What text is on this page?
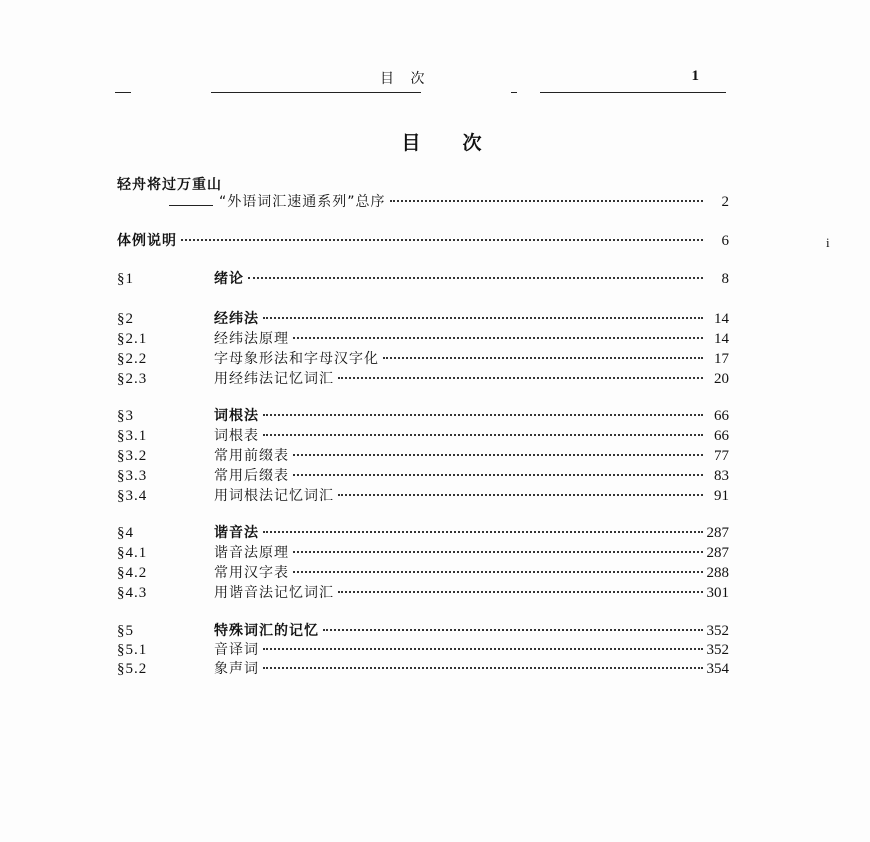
目 次	1
目次
轻舟将过万重山
“外语词汇速通系列”总序	2
体例说明	6
§1	绪论	8
§2	经纬法	14
§2.1	经纬法原理	14
§2.2	字母象形法和字母汉字化	17
§2.3	用经纬法记忆词汇	20
§3	词根法	66
§3.1	词根表	66
§3.2	常用前缀表	77
§3.3	常用后缀表	83
§3.4	用词根法记忆词汇	91
§4	谐音法	287
§4.1	谐音法原理	287
§4.2	常用汉字表	288
§4.3	用谐音法记忆词汇	301
§5	特殊词汇的记忆	352
§5.1	音译词	352
§5.2	象声词	354
i
